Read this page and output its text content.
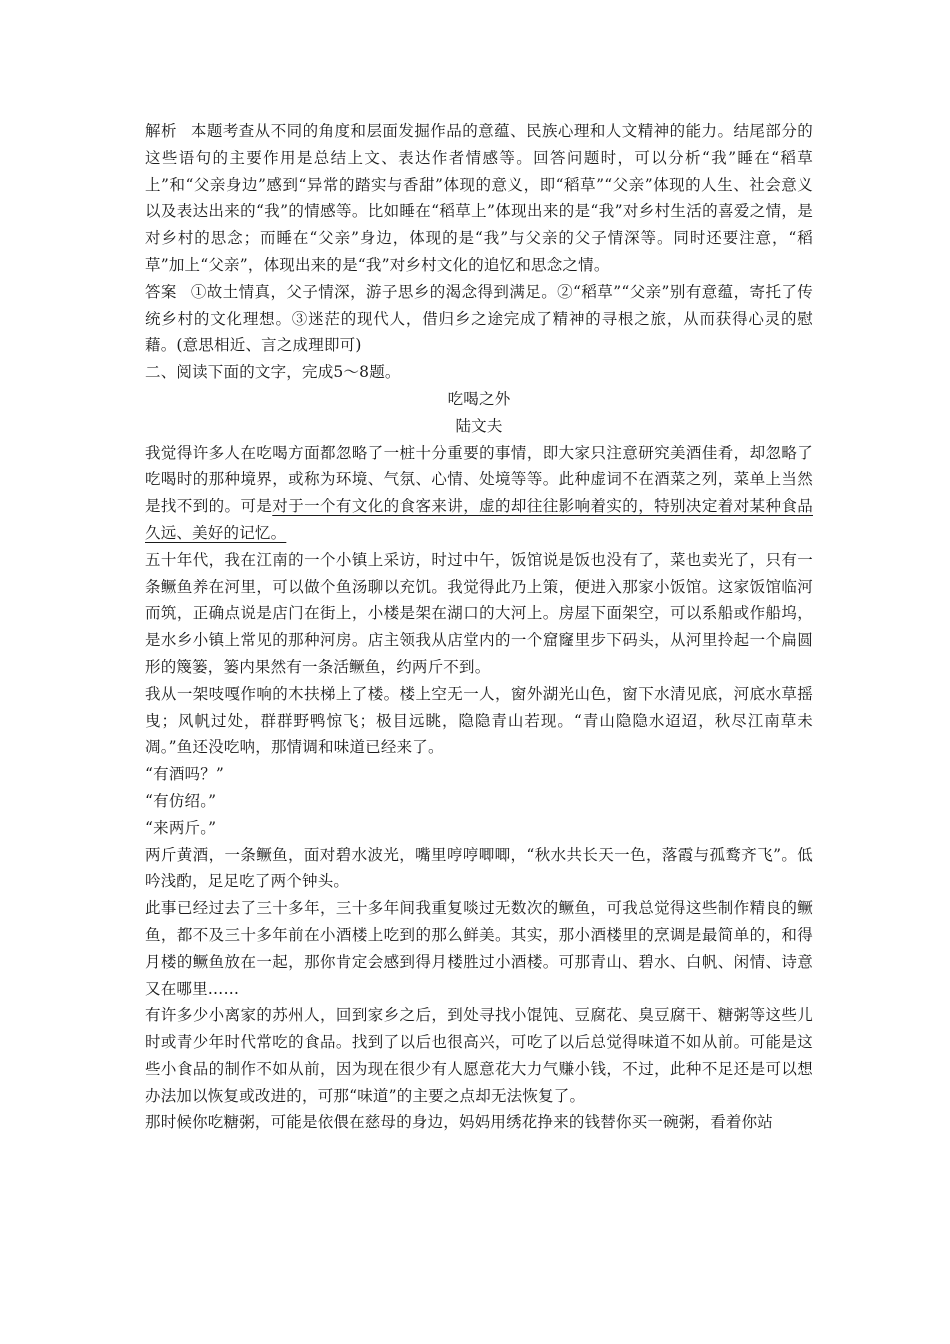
解析 本题考查从不同的角度和层面发掘作品的意蕴、民族心理和人文精神的能力。结尾部分的这些语句的主要作用是总结上文、表达作者情感等。回答问题时，可以分析“我”睡在“稻草上”和“父亲身边”感到“异常的踏实与香甜”体现的意义，即“稻草”“父亲”体现的人生、社会意义以及表达出来的“我”的情感等。比如睡在“稻草上”体现出来的是“我”对乡村生活的喜爱之情，是对乡村的思念；而睡在“父亲”身边，体现的是“我”与父亲的父子情深等。同时还要注意，“稻草”加上“父亲”，体现出来的是“我”对乡村文化的追忆和思念之情。

答案 ①故土情真，父子情深，游子思乡的渴念得到满足。②“稻草”“父亲”别有意蕴，寄托了传统乡村的文化理想。③迷茫的现代人，借归乡之途完成了精神的寻根之旅，从而获得心灵的慰藉。(意思相近、言之成理即可)

二、阅读下面的文字，完成5～8题。

吃喝之外

陆文夫

我觉得许多人在吃喝方面都忽略了一桩十分重要的事情，即大家只注意研究美酒佳肴，却忽略了吃喝时的那种境界，或称为环境、气氛、心情、处境等等。此种虚词不在酒菜之列，菜单上当然是找不到的。可是对于一个有文化的食客来讲，虚的却往往影响着实的，特别决定着对某种食品久远、美好的记忆。

五十年代，我在江南的一个小镇上采访，时过中午，饭馆说是饭也没有了，菜也卖光了，只有一条鳜鱼养在河里，可以做个鱼汤聊以充饥。我觉得此乃上策，便进入那家小饭馆。这家饭馆临河而筑，正确点说是店门在街上，小楼是架在湖口的大河上。房屋下面架空，可以系船或作船坞，是水乡小镇上常见的那种河房。店主领我从店堂内的一个窟窿里步下码头，从河里拎起一个扁圆形的篾篓，篓内果然有一条活鳜鱼，约两斤不到。

我从一架吱嘎作响的木扶梯上了楼。楼上空无一人，窗外湖光山色，窗下水清见底，河底水草摇曳；风帆过处，群群野鸭惊飞；极目远眺，隐隐青山若现。“青山隐隐水迢迢，秋尽江南草未凋。”鱼还没吃呐，那情调和味道已经来了。

“有酒吗？”

“有仿绍。”

“来两斤。”

两斤黄酒，一条鳜鱼，面对碧水波光，嘴里哼哼唧唧，“秋水共长天一色，落霞与孤鹜齐飞”。低吟浅酌，足足吃了两个钟头。

此事已经过去了三十多年，三十多年间我重复啖过无数次的鳜鱼，可我总觉得这些制作精良的鳜鱼，都不及三十多年前在小酒楼上吃到的那么鲜美。其实，那小酒楼里的烹调是最简单的，和得月楼的鳜鱼放在一起，那你肯定会感到得月楼胜过小酒楼。可那青山、碧水、白帆、闲情、诗意又在哪里……

有许多少小离家的苏州人，回到家乡之后，到处寻找小馄饨、豆腐花、臭豆腐干、糖粥等这些儿时或青少年时代常吃的食品。找到了以后也很高兴，可吃了以后总觉得味道不如从前。可能是这些小食品的制作不如从前，因为现在很少有人愿意花大力气赚小钱，不过，此种不足还是可以想办法加以恢复或改进的，可那“味道”的主要之点却无法恢复了。

那时候你吃糖粥，可能是依偎在慈母的身边，妈妈用绣花挣来的钱替你买一碗粥，看着你站
